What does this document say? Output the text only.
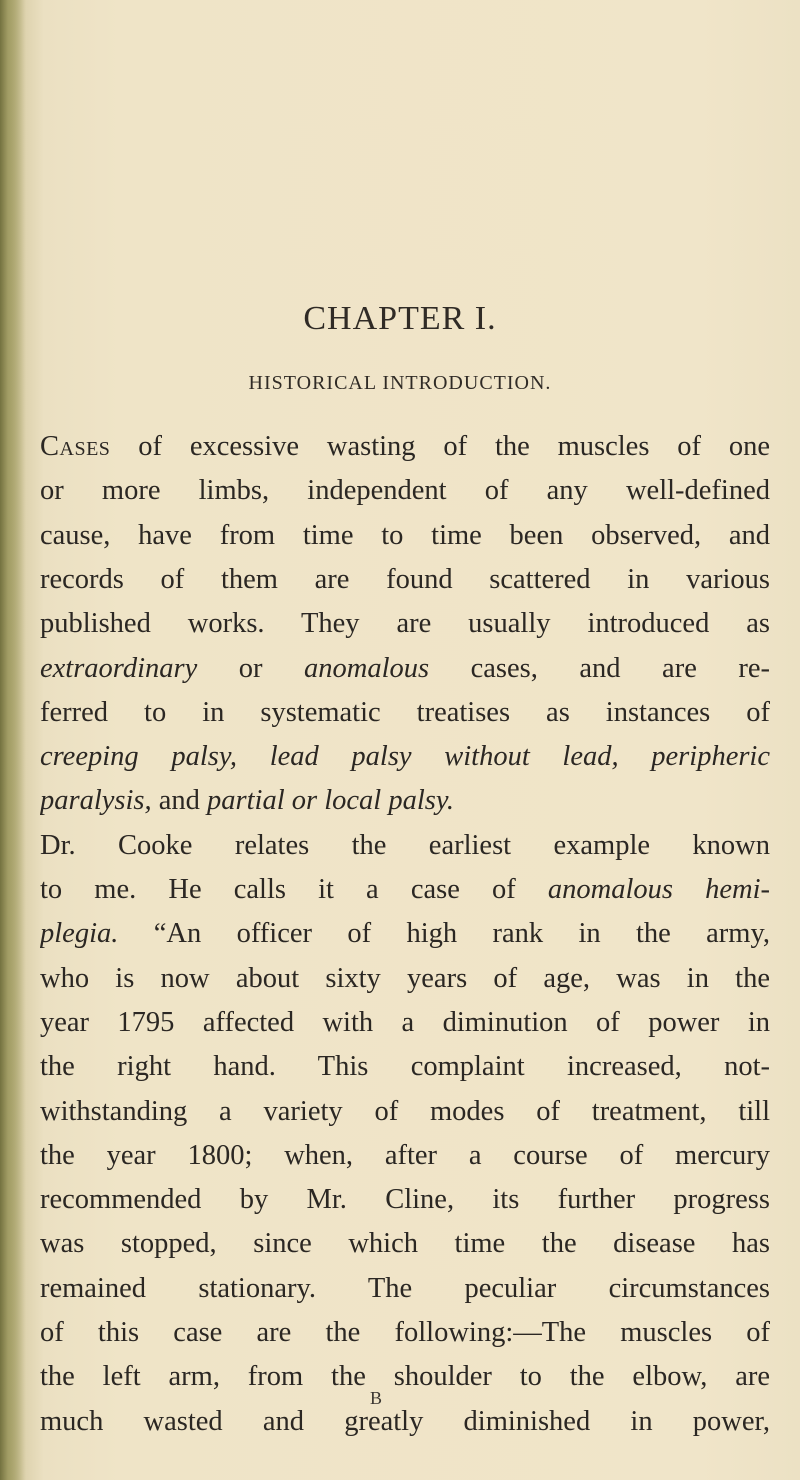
CHAPTER I.
HISTORICAL INTRODUCTION.
Cases of excessive wasting of the muscles of one
or more limbs, independent of any well-defined
cause, have from time to time been observed, and
records of them are found scattered in various
published works. They are usually introduced as
extraordinary or anomalous cases, and are re-
ferred to in systematic treatises as instances of
creeping palsy, lead palsy without lead, peripheric
paralysis, and partial or local palsy.
Dr. Cooke relates the earliest example known
to me. He calls it a case of anomalous hemi-
plegia. “An officer of high rank in the army,
who is now about sixty years of age, was in the
year 1795 affected with a diminution of power in
the right hand. This complaint increased, not-
withstanding a variety of modes of treatment, till
the year 1800; when, after a course of mercury
recommended by Mr. Cline, its further progress
was stopped, since which time the disease has
remained stationary. The peculiar circumstances
of this case are the following:—The muscles of
the left arm, from the shoulder to the elbow, are
much wasted and greatly diminished in power,
B
